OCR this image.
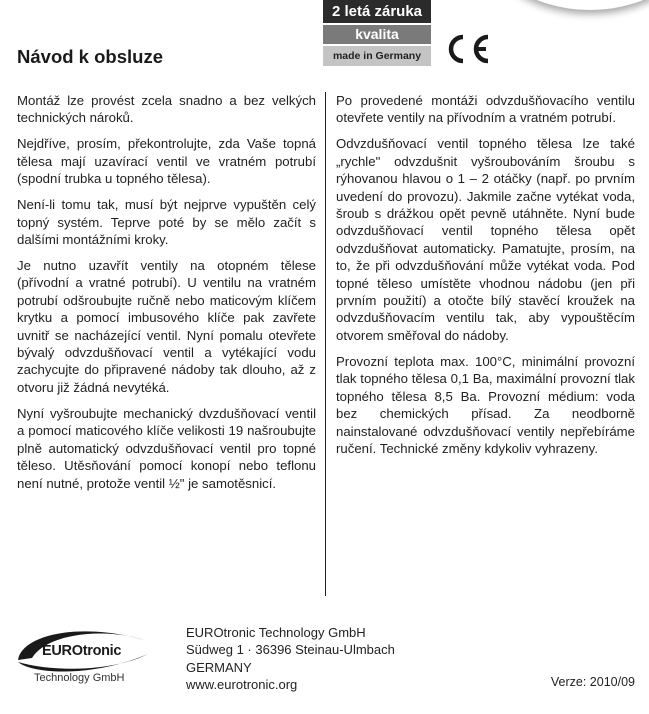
2 letá záruka
kvalita
made in Germany
Návod k obsluze

Montáž lze provést zcela snadno a bez velkých technických nároků.

Nejdříve, prosím, překontrolujte, zda Vaše topná tělesa mají uzavírací ventil ve vratném potrubí (spodní trubka u topného tělesa).

Není-li tomu tak, musí být nejprve vypuštěn celý topný systém. Teprve poté by se mělo začít s dalšími montážními kroky.

Je nutno uzavřít ventily na otopném tělese (přívodní a vratné potrubí). U ventilu na vratném potrubí odšroubujte ručně nebo maticovým klíčem krytku a pomocí imbusového klíče pak zavřete uvnitř se nacházející ventil. Nyní pomalu otevřete bývalý odvzdušňovací ventil a vytékající vodu zachycujte do připravené nádoby tak dlouho, až z otvoru již žádná nevytéká.

Nyní vyšroubujte mechanický dvzdušňovací ventil a pomocí maticového klíče velikosti 19 našroubujte plně automatický odvzdušňovací ventil pro topné těleso. Utěsňování pomocí konopí nebo teflonu není nutné, protože ventil ½" je samotěsnicí.

Po provedené montáži odvzdušňovacího ventilu otevřete ventily na přívodním a vratném potrubí.

Odvzdušňovací ventil topného tělesa lze také „rychle" odvzdušnit vyšroubováním šroubu s rýhovanou hlavou o 1 – 2 otáčky (např. po prvním uvedení do provozu). Jakmile začne vytékat voda, šroub s drážkou opět pevně utáhněte. Nyní bude odvzdušňovací ventil topného tělesa opět odvzdušňovat automaticky. Pamatujte, prosím, na to, že při odvzdušňování může vytékat voda. Pod topné těleso umístěte vhodnou nádobu (jen při prvním použití) a otočte bílý stavěcí kroužek na odvzdušňovacím ventilu tak, aby vypouštěcím otvorem směřoval do nádoby.

Provozní teplota max. 100°C, minimální provozní tlak topného tělesa 0,1 Ba, maximální provozní tlak topného tělesa 8,5 Ba. Provozní médium: voda bez chemických přísad. Za neodborně nainstalované odvzdušňovací ventily nepřebíráme ručení. Technické změny kdykoliv vyhrazeny.

EUROtronic
Technology GmbH
EUROtronic Technology GmbH
Südweg 1 · 36396 Steinau-Ulmbach
GERMANY
www.eurotronic.org	Verze: 2010/09
